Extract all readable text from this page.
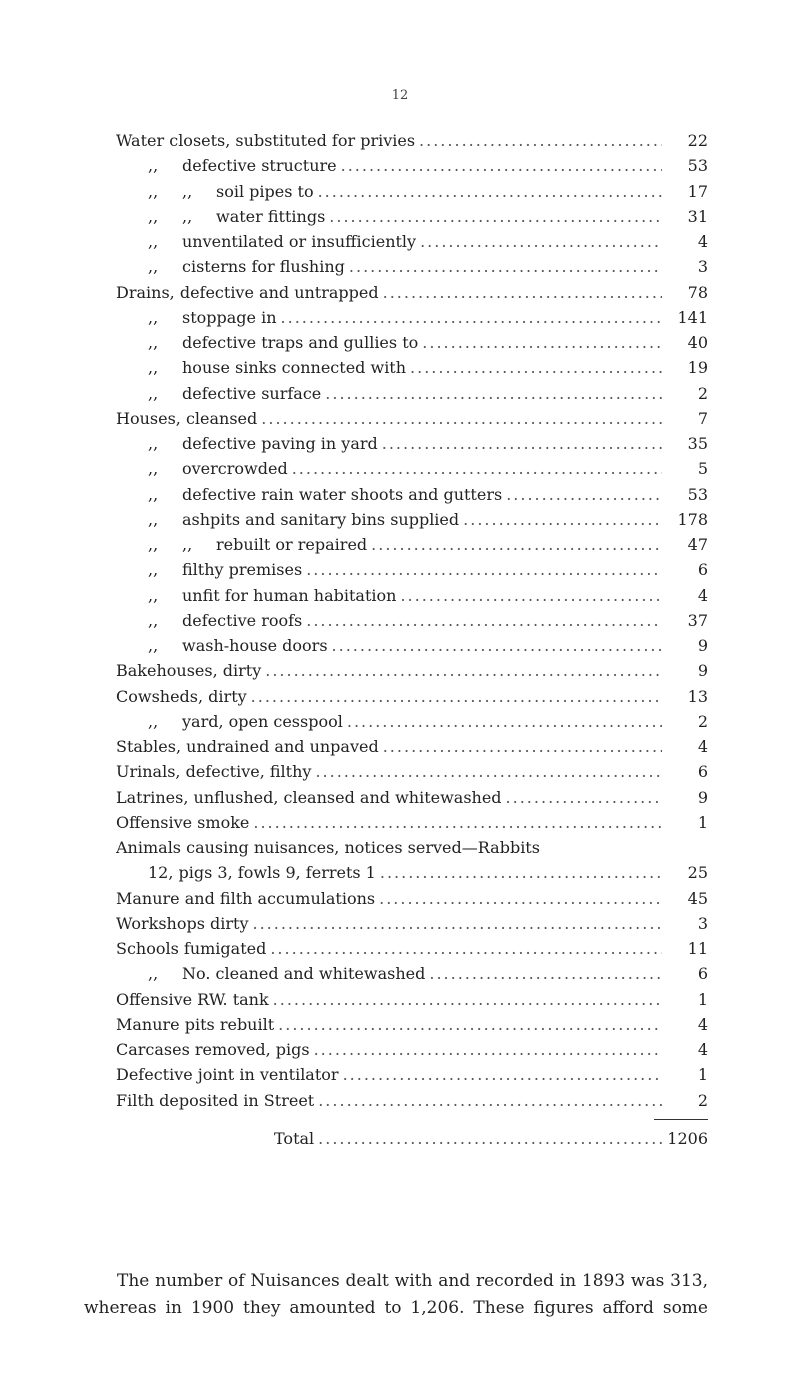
12
Water closets, substituted for privies .....	22
,, defective structure .....	53
,, ,, soil pipes to .....	17
,, ,, water fittings .....	31
,, unventilated or insufficiently .....	4
,, cisterns for flushing .....	3
Drains, defective and untrapped .....	78
,, stoppage in .....	141
,, defective traps and gullies to .....	40
,, house sinks connected with .....	19
,, defective surface .....	2
Houses, cleansed .....	7
,, defective paving in yard .....	35
,, overcrowded .....	5
,, defective rain water shoots and gutters .....	53
,, ashpits and sanitary bins supplied .....	178
,, ,, rebuilt or repaired .....	47
,, filthy premises .....	6
,, unfit for human habitation .....	4
,, defective roofs .....	37
,, wash-house doors .....	9
Bakehouses, dirty .....	9
Cowsheds, dirty .....	13
,, yard, open cesspool .....	2
Stables, undrained and unpaved .....	4
Urinals, defective, filthy .....	6
Latrines, unflushed, cleansed and whitewashed .....	9
Offensive smoke .....	1
Animals causing nuisances, notices served—Rabbits
12, pigs 3, fowls 9, ferrets 1 .....	25
Manure and filth accumulations .....	45
Workshops dirty .....	3
Schools fumigated .....	11
,, No. cleaned and whitewashed .....	6
Offensive RW. tank .....	1
Manure pits rebuilt .....	4
Carcases removed, pigs .....	4
Defective joint in ventilator .....	1
Filth deposited in Street .....	2
Total .....	1206
The number of Nuisances dealt with and recorded in 1893 was 313,
whereas in 1900 they amounted to 1,206. These figures afford some
